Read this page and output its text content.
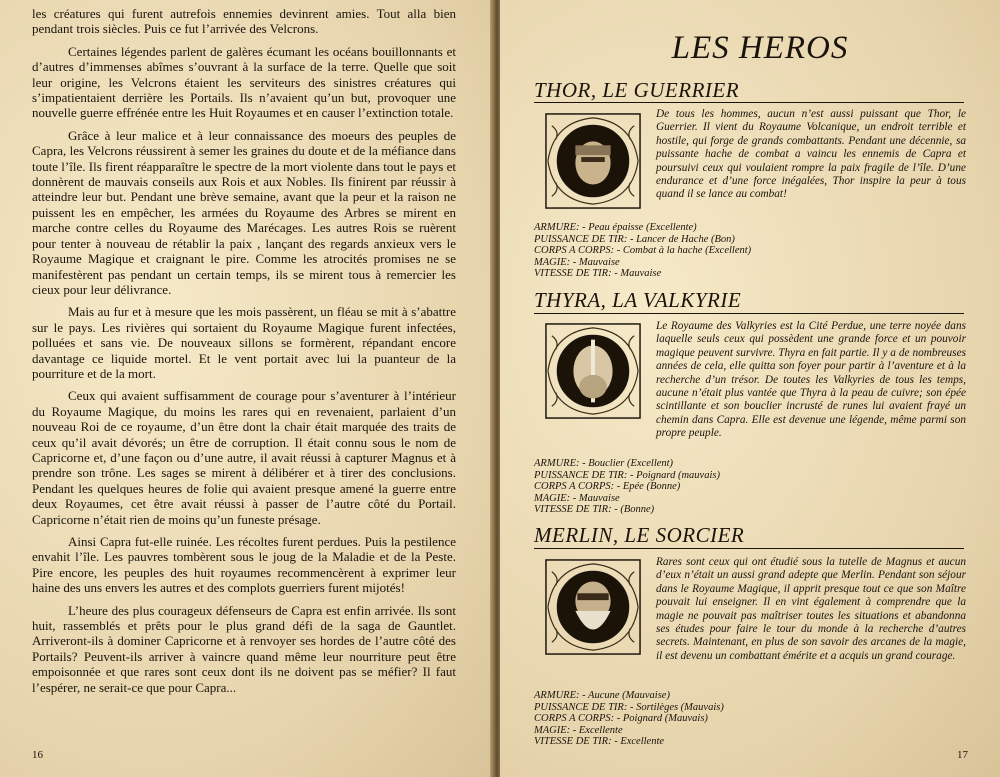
les créatures qui furent autrefois ennemies devinrent amies. Tout alla bien pendant trois siècles. Puis ce fut l’arrivée des Velcrons.

Certaines légendes parlent de galères écumant les océans bouillonnants et d’autres d’immenses abîmes s’ouvrant à la surface de la terre. Quelle que soit leur origine, les Velcrons étaient les serviteurs des sinistres créatures qui s’impatientaient derrière les Portails. Ils n’avaient qu’un but, provoquer une nouvelle guerre effrénée entre les Huit Royaumes et en causer l’extinction totale.

Grâce à leur malice et à leur connaissance des moeurs des peuples de Capra, les Velcrons réussirent à semer les graines du doute et de la méfiance dans toute l’île. Ils firent réapparaître le spectre de la mort violente dans tout le pays et donnèrent de mauvais conseils aux Rois et aux Nobles. Ils finirent par réussir à atteindre leur but. Pendant une brève semaine, avant que la peur et la raison ne puissent les en empêcher, les armées du Royaume des Arbres se mirent en marche contre celles du Royaume des Marécages. Les autres Rois se ruèrent pour tenter à nouveau de rétablir la paix , lançant des regards anxieux vers le Royaume Magique et craignant le pire. Comme les atrocités promises ne se manifestèrent pas pendant un certain temps, ils se mirent tous à remercier les cieux pour leur délivrance.

Mais au fur et à mesure que les mois passèrent, un fléau se mit à s’abattre sur le pays. Les rivières qui sortaient du Royaume Magique furent infectées, polluées et sans vie. De nouveaux sillons se formèrent, répandant encore davantage ce liquide mortel. Et le vent portait avec lui la puanteur de la pourriture et de la mort.

Ceux qui avaient suffisamment de courage pour s’aventurer à l’intérieur du Royaume Magique, du moins les rares qui en revenaient, parlaient d’un nouveau Roi de ce royaume, d’un être dont la chair était marquée des traits de ceux qu’il avait dévorés; un être de corruption. Il était connu sous le nom de Capricorne et, d’une façon ou d’une autre, il avait réussi à capturer Magnus et à prendre son trône. Les sages se mirent à délibérer et à tirer des conclusions. Pendant les quelques heures de folie qui avaient presque amené la guerre entre deux Royaumes, cet être avait réussi à passer de l’autre côté du Portail. Capricorne n’était rien de moins qu’un funeste présage.

Ainsi Capra fut-elle ruinée. Les récoltes furent perdues. Puis la pestilence envahit l’île. Les pauvres tombèrent sous le joug de la Maladie et de la Peste. Pire encore, les peuples des huit royaumes recommencèrent à exprimer leur haine des uns envers les autres et des complots guerriers furent mijotés!

L’heure des plus courageux défenseurs de Capra est enfin arrivée. Ils sont huit, rassemblés et prêts pour le plus grand défi de la saga de Gauntlet. Arriveront-ils à dominer Capricorne et à renvoyer ses hordes de l’autre côté des Portails? Peuvent-ils arriver à vaincre quand même leur nourriture peut être empoisonnée et que rares sont ceux dont ils ne doivent pas se méfier? Il faut l’espérer, ne serait-ce que pour Capra...

16
LES HEROS
THOR, LE GUERRIER
De tous les hommes, aucun n’est aussi puissant que Thor, le Guerrier. Il vient du Royaume Volcanique, un endroit terrible et hostile, qui forge de grands combattants. Pendant une décennie, sa puissante hache de combat a vaincu les ennemis de Capra et poursuivi ceux qui voulaient rompre la paix fragile de l’île. D’une endurance et d’une force inégalées, Thor inspire la peur à tous quand il se lance au combat!
ARMURE: - Peau épaisse (Excellente)
PUISSANCE DE TIR: - Lancer de Hache (Bon)
CORPS A CORPS: - Combat à la hache (Excellent)
MAGIE: - Mauvaise
VITESSE DE TIR: - Mauvaise
THYRA, LA VALKYRIE
Le Royaume des Valkyries est la Cité Perdue, une terre noyée dans laquelle seuls ceux qui possèdent une grande force et un pouvoir magique peuvent survivre. Thyra en fait partie. Il y a de nombreuses années de cela, elle quitta son foyer pour partir à l’aventure et à la recherche d’un trésor. De toutes les Valkyries de tous les temps, aucune n’était plus vantée que Thyra à la peau de cuivre; son épée scintillante et son bouclier incrusté de runes lui avaient frayé un chemin dans Capra. Elle est devenue une légende, même parmi son propre peuple.
ARMURE: - Bouclier (Excellent)
PUISSANCE DE TIR: - Poignard (mauvais)
CORPS A CORPS: - Epée (Bonne)
MAGIE: - Mauvaise
VITESSE DE TIR: - (Bonne)
MERLIN, LE SORCIER
Rares sont ceux qui ont étudié sous la tutelle de Magnus et aucun d’eux n’était un aussi grand adepte que Merlin. Pendant son séjour dans le Royaume Magique, il apprit presque tout ce que son Maître pouvait lui enseigner. Il en vint également à comprendre que la magie ne pouvait pas maîtriser toutes les situations et abandonna ses études pour faire le tour du monde à la recherche d’autres secrets. Maintenant, en plus de son savoir des arcanes de la magie, il est devenu un combattant émérite et a acquis un grand courage.
ARMURE: - Aucune (Mauvaise)
PUISSANCE DE TIR: - Sortilèges (Mauvais)
CORPS A CORPS: - Poignard (Mauvais)
MAGIE: - Excellente
VITESSE DE TIR: - Excellente
17
